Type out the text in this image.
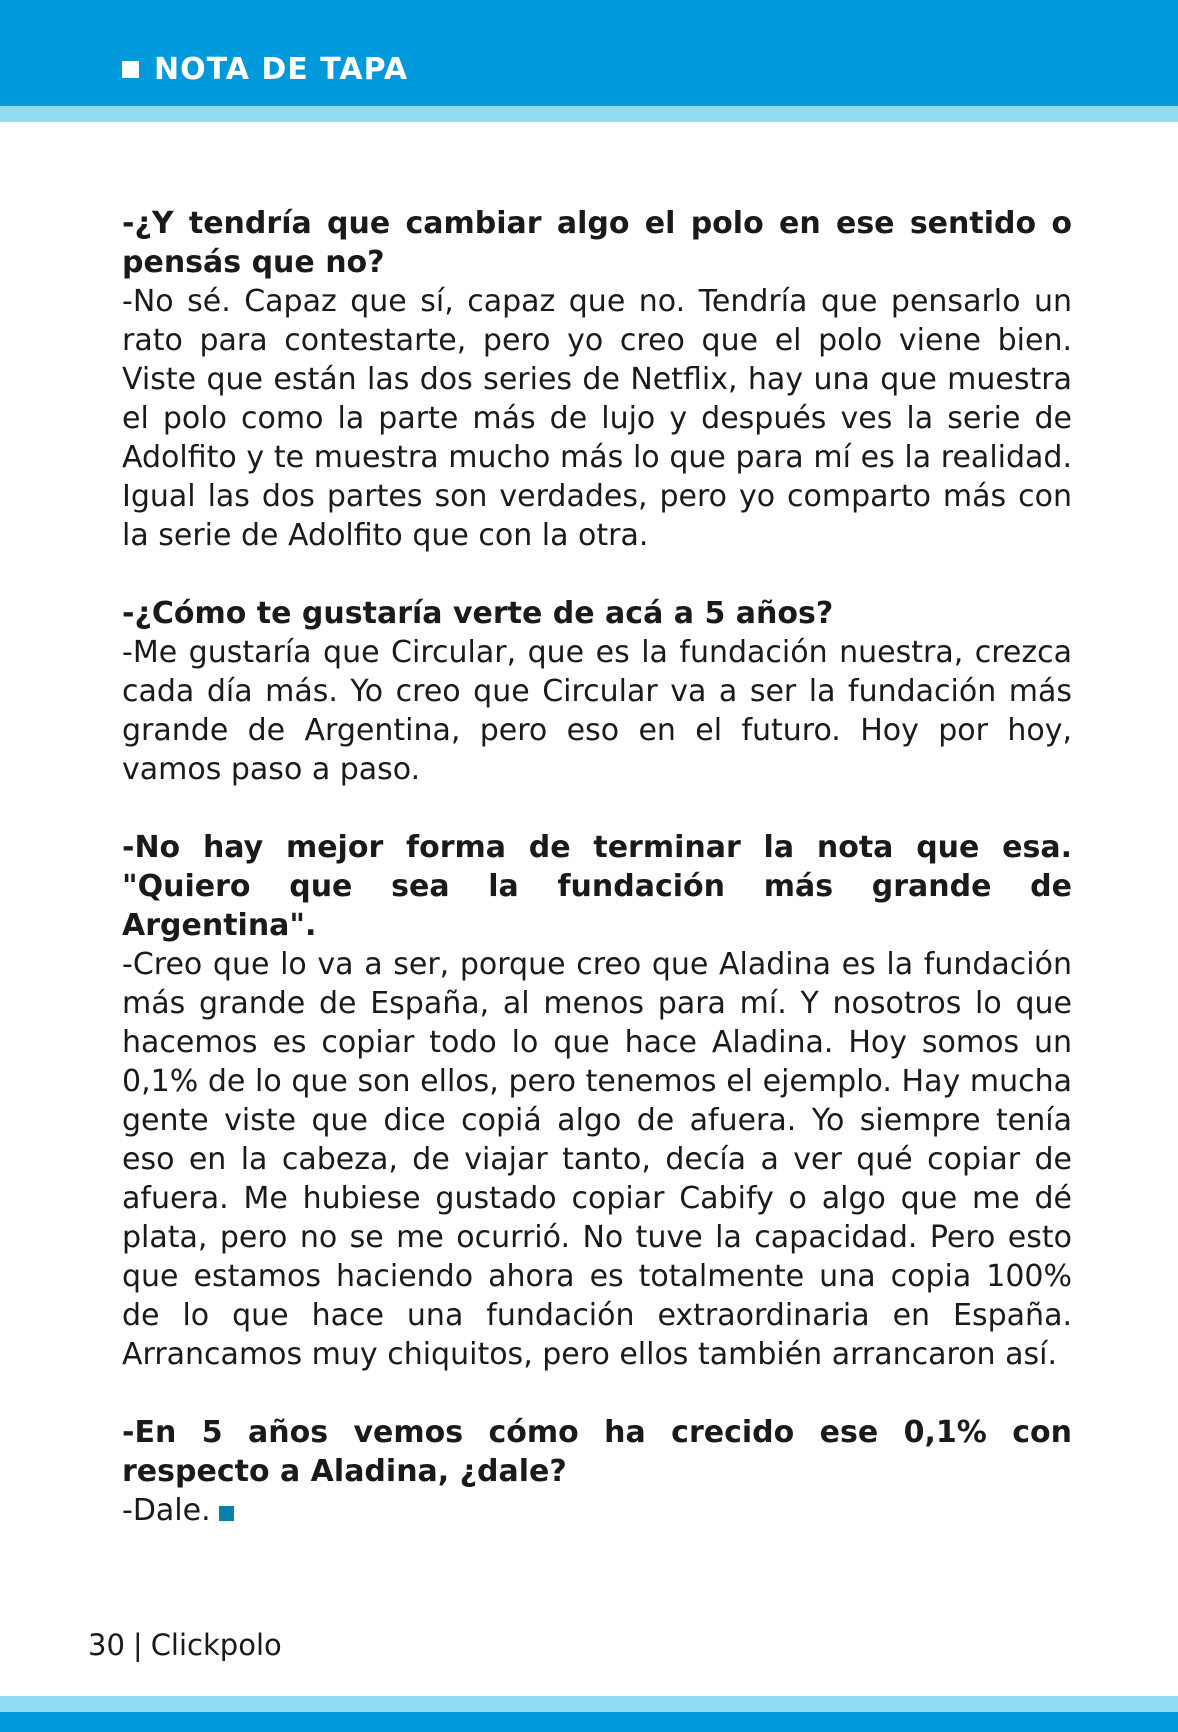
NOTA DE TAPA

-¿Y tendría que cambiar algo el polo en ese sentido o pensás que no?

-No sé. Capaz que sí, capaz que no. Tendría que pensarlo un rato para contestarte, pero yo creo que el polo viene bien. Viste que están las dos series de Netflix, hay una que muestra el polo como la parte más de lujo y después ves la serie de Adolfito y te muestra mucho más lo que para mí es la realidad. Igual las dos partes son verdades, pero yo comparto más con la serie de Adolfito que con la otra.

-¿Cómo te gustaría verte de acá a 5 años?

-Me gustaría que Circular, que es la fundación nuestra, crezca cada día más. Yo creo que Circular va a ser la fundación más grande de Argentina, pero eso en el futuro. Hoy por hoy, vamos paso a paso.

-No hay mejor forma de terminar la nota que esa. "Quiero que sea la fundación más grande de Argentina".

-Creo que lo va a ser, porque creo que Aladina es la fundación más grande de España, al menos para mí. Y nosotros lo que hacemos es copiar todo lo que hace Aladina. Hoy somos un 0,1% de lo que son ellos, pero tenemos el ejemplo. Hay mucha gente viste que dice copiá algo de afuera. Yo siempre tenía eso en la cabeza, de viajar tanto, decía a ver qué copiar de afuera. Me hubiese gustado copiar Cabify o algo que me dé plata, pero no se me ocurrió. No tuve la capacidad. Pero esto que estamos haciendo ahora es totalmente una copia 100% de lo que hace una fundación extraordinaria en España. Arrancamos muy chiquitos, pero ellos también arrancaron así.

-En 5 años vemos cómo ha crecido ese 0,1% con respecto a Aladina, ¿dale?

-Dale.

30 | Clickpolo
